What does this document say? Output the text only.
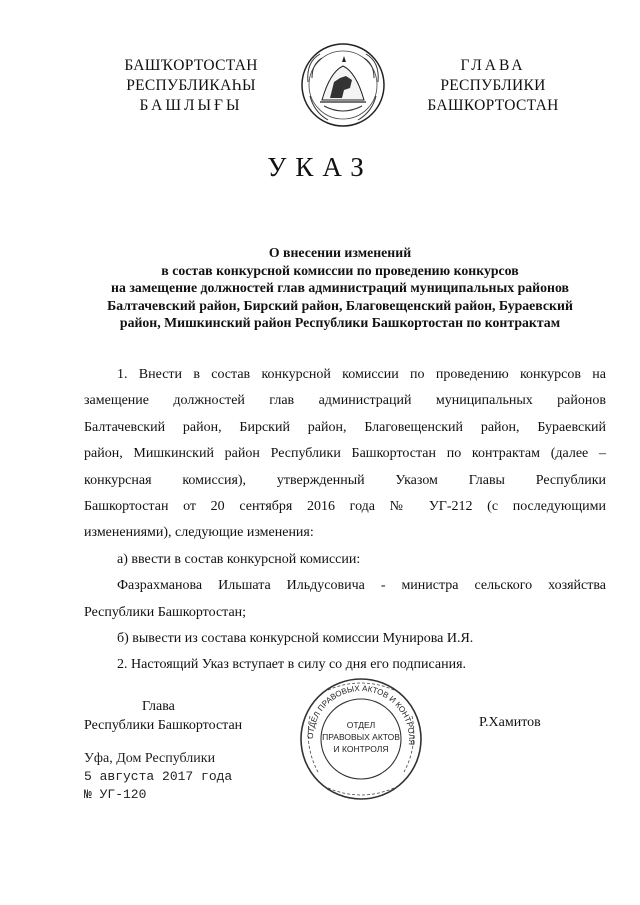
БАШҠОРТОСТАН
РЕСПУБЛИКАҺЫ
БАШЛЫҒЫ
ГЛАВА
РЕСПУБЛИКИ
БАШКОРТОСТАН
УКАЗ
О внесении изменений
в состав конкурсной комиссии по проведению конкурсов
на замещение должностей глав администраций муниципальных районов
Балтачевский район, Бирский район, Благовещенский район, Бураевский
район, Мишкинский район Республики Башкортостан по контрактам

1. Внести в состав конкурсной комиссии по проведению конкурсов на

замещение должностей глав администраций муниципальных районов

Балтачевский район, Бирский район, Благовещенский район, Бураевский

район, Мишкинский район Республики Башкортостан по контрактам (далее –

конкурсная комиссия), утвержденный Указом Главы Республики

Башкортостан от 20 сентября 2016 года № УГ-212 (с последующими

изменениями), следующие изменения:

а) ввести в состав конкурсной комиссии:

Фазрахманова Ильшата Ильдусовича - министра сельского хозяйства

Республики Башкортостан;

б) вывести из состава конкурсной комиссии Мунирова И.Я.

2. Настоящий Указ вступает в силу со дня его подписания.

Глава
Республики Башкортостан
ОТДЕЛ ПРАВОВЫХ АКТОВ И КОНТРОЛЯ
ОТДЕЛ
ПРАВОВЫХ АКТОВ
И КОНТРОЛЯ
Р.Хамитов
Уфа, Дом Республики
5 августа 2017 года
№ УГ-120
